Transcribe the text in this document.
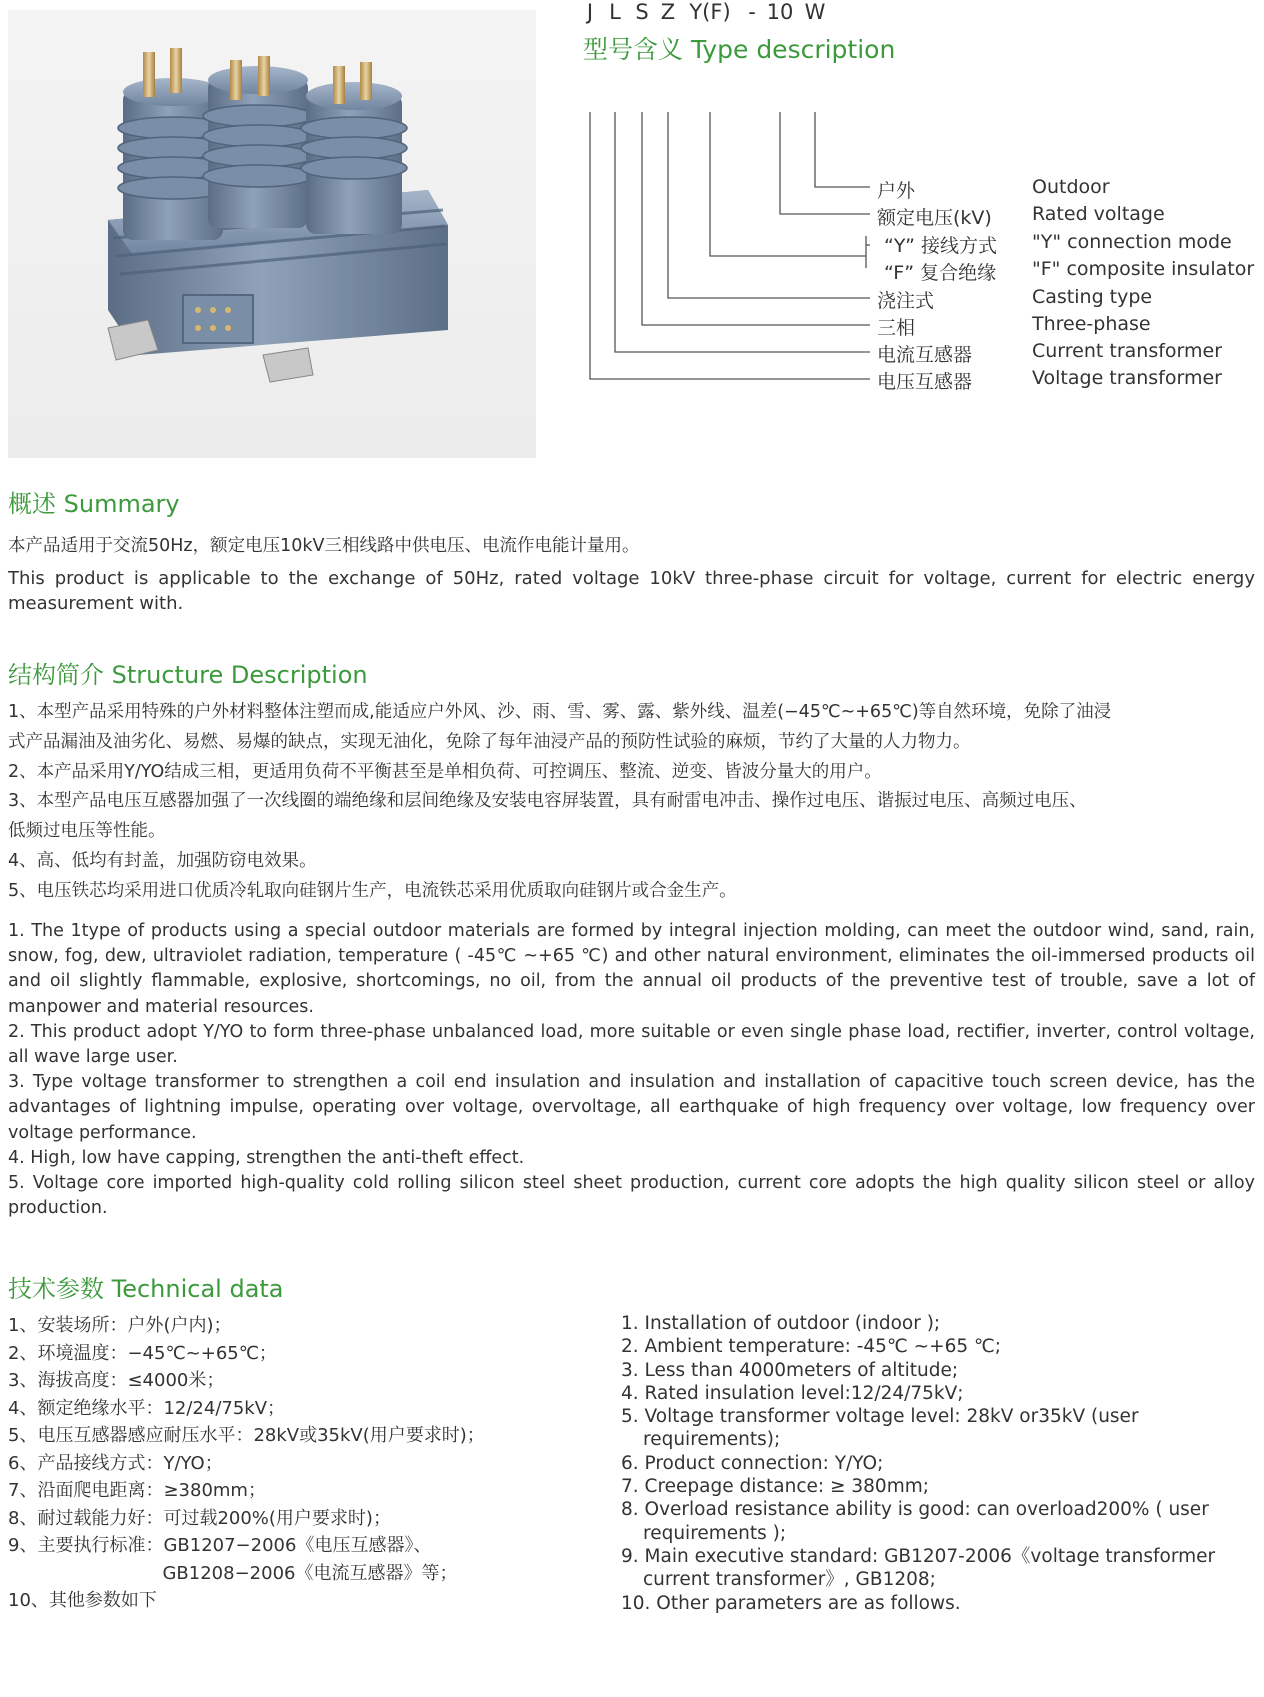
型号含义 Type description
J L S Z Y(F) - 10 W
户外	Outdoor
额定电压(kV) Rated voltage
“Y” 接线方式 "Y" connection mode
“F” 复合绝缘 "F" composite insulator
浇注式	Casting type
三相	Three-phase
电流互感器	Current transformer
电压互感器	Voltage transformer
概述 Summary
本产品适用于交流50Hz，额定电压10kV三相线路中供电压、电流作电能计量用。
This product is applicable to the exchange of 50Hz, rated voltage 10kV three-phase circuit for voltage, current for electric energy measurement with.
结构简介 Structure Description
1、本型产品采用特殊的户外材料整体注塑而成,能适应户外风、沙、雨、雪、雾、露、紫外线、温差(−45℃~+65℃)等自然环境，免除了油浸
式产品漏油及油劣化、易燃、易爆的缺点，实现无油化，免除了每年油浸产品的预防性试验的麻烦，节约了大量的人力物力。
2、本产品采用Y/YO结成三相，更适用负荷不平衡甚至是单相负荷、可控调压、整流、逆变、皆波分量大的用户。
3、本型产品电压互感器加强了一次线圈的端绝缘和层间绝缘及安装电容屏装置，具有耐雷电冲击、操作过电压、谐振过电压、高频过电压、
低频过电压等性能。
4、高、低均有封盖，加强防窃电效果。
5、电压铁芯均采用进口优质冷轧取向硅钢片生产，电流铁芯采用优质取向硅钢片或合金生产。

1. The 1type of products using a special outdoor materials are formed by integral injection molding, can meet the outdoor wind, sand, rain, snow, fog, dew, ultraviolet radiation, temperature ( -45℃ ~+65 ℃) and other natural environment, eliminates the oil-immersed products oil and oil slightly flammable, explosive, shortcomings, no oil, from the annual oil products of the preventive test of trouble, save a lot of manpower and material resources.

2. This product adopt Y/YO to form three-phase unbalanced load, more suitable or even single phase load, rectifier, inverter, control voltage, all wave large user.

3. Type voltage transformer to strengthen a coil end insulation and insulation and installation of capacitive touch screen device, has the advantages of lightning impulse, operating over voltage, overvoltage, all earthquake of high frequency over voltage, low frequency over voltage performance.

4. High, low have capping, strengthen the anti-theft effect.

5. Voltage core imported high-quality cold rolling silicon steel sheet production, current core adopts the high quality silicon steel or alloy production.

技术参数 Technical data
1、安装场所：户外(户内)；
2、环境温度：−45℃~+65℃；
3、海拔高度：≤4000米；
4、额定绝缘水平：12/24/75kV；
5、电压互感器感应耐压水平：28kV或35kV(用户要求时)；
6、产品接线方式：Y/YO；
7、沿面爬电距离：≥380mm；
8、耐过载能力好：可过载200%(用户要求时)；
9、主要执行标准：GB1207−2006《电压互感器》、
GB1208−2006《电流互感器》等；
10、其他参数如下
1. Installation of outdoor (indoor );
2. Ambient temperature: -45℃ ~+65 ℃;
3. Less than 4000meters of altitude;
4. Rated insulation level:12/24/75kV;
5. Voltage transformer voltage level: 28kV or35kV (user requirements);
6. Product connection: Y/YO;
7. Creepage distance: ≥ 380mm;
8. Overload resistance ability is good: can overload200% ( user requirements );
9. Main executive standard: GB1207-2006《voltage transformer current transformer》, GB1208;
10. Other parameters are as follows.
